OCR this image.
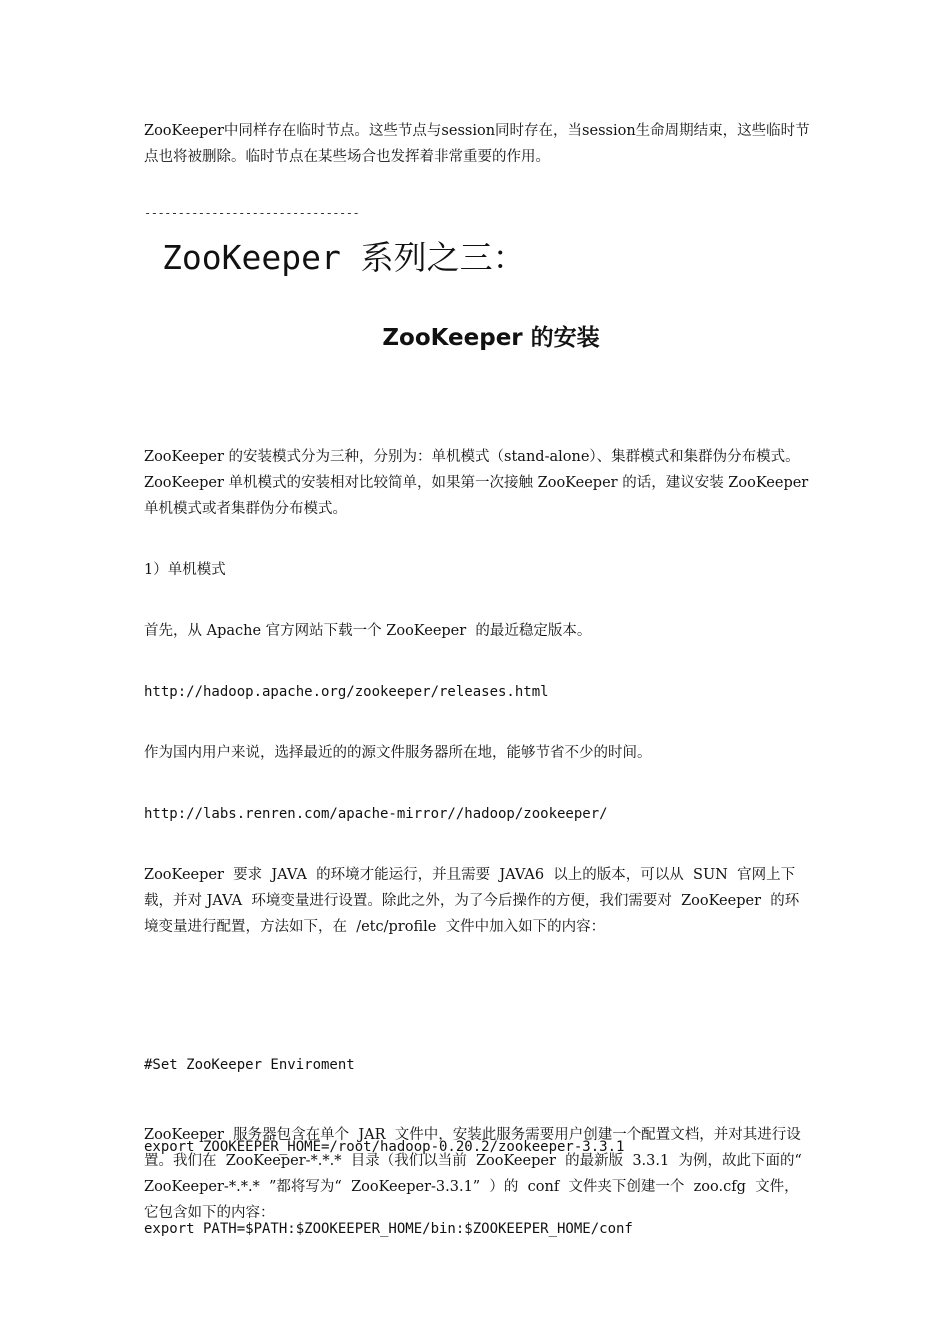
ZooKeeper中同样存在临时节点。这些节点与session同时存在，当session生命周期结束，这些临时节点也将被删除。临时节点在某些场合也发挥着非常重要的作用。
--------------------------------
ZooKeeper 系列之三：
ZooKeeper 的安装
ZooKeeper 的安装模式分为三种，分别为：单机模式（stand-alone）、集群模式和集群伪分布模式。ZooKeeper 单机模式的安装相对比较简单，如果第一次接触 ZooKeeper 的话，建议安装 ZooKeeper 单机模式或者集群伪分布模式。
1）单机模式
首先，从 Apache 官方网站下载一个 ZooKeeper  的最近稳定版本。
http://hadoop.apache.org/zookeeper/releases.html
作为国内用户来说，选择最近的的源文件服务器所在地，能够节省不少的时间。
http://labs.renren.com/apache-mirror//hadoop/zookeeper/
ZooKeeper  要求  JAVA  的环境才能运行，并且需要  JAVA6  以上的版本，可以从  SUN  官网上下载，并对 JAVA  环境变量进行设置。除此之外，为了今后操作的方便，我们需要对  ZooKeeper  的环境变量进行配置，方法如下，在  /etc/profile  文件中加入如下的内容：

#Set ZooKeeper Enviroment

export ZOOKEEPER_HOME=/root/hadoop-0.20.2/zookeeper-3.3.1

export PATH=$PATH:$ZOOKEEPER_HOME/bin:$ZOOKEEPER_HOME/conf

ZooKeeper  服务器包含在单个  JAR  文件中，安装此服务需要用户创建一个配置文档，并对其进行设置。我们在  ZooKeeper-*.*.*  目录（我们以当前  ZooKeeper  的最新版  3.3.1  为例，故此下面的“  ZooKeeper-*.*.*  ”都将写为“  ZooKeeper-3.3.1”  ）的  conf  文件夹下创建一个  zoo.cfg  文件，它包含如下的内容：
